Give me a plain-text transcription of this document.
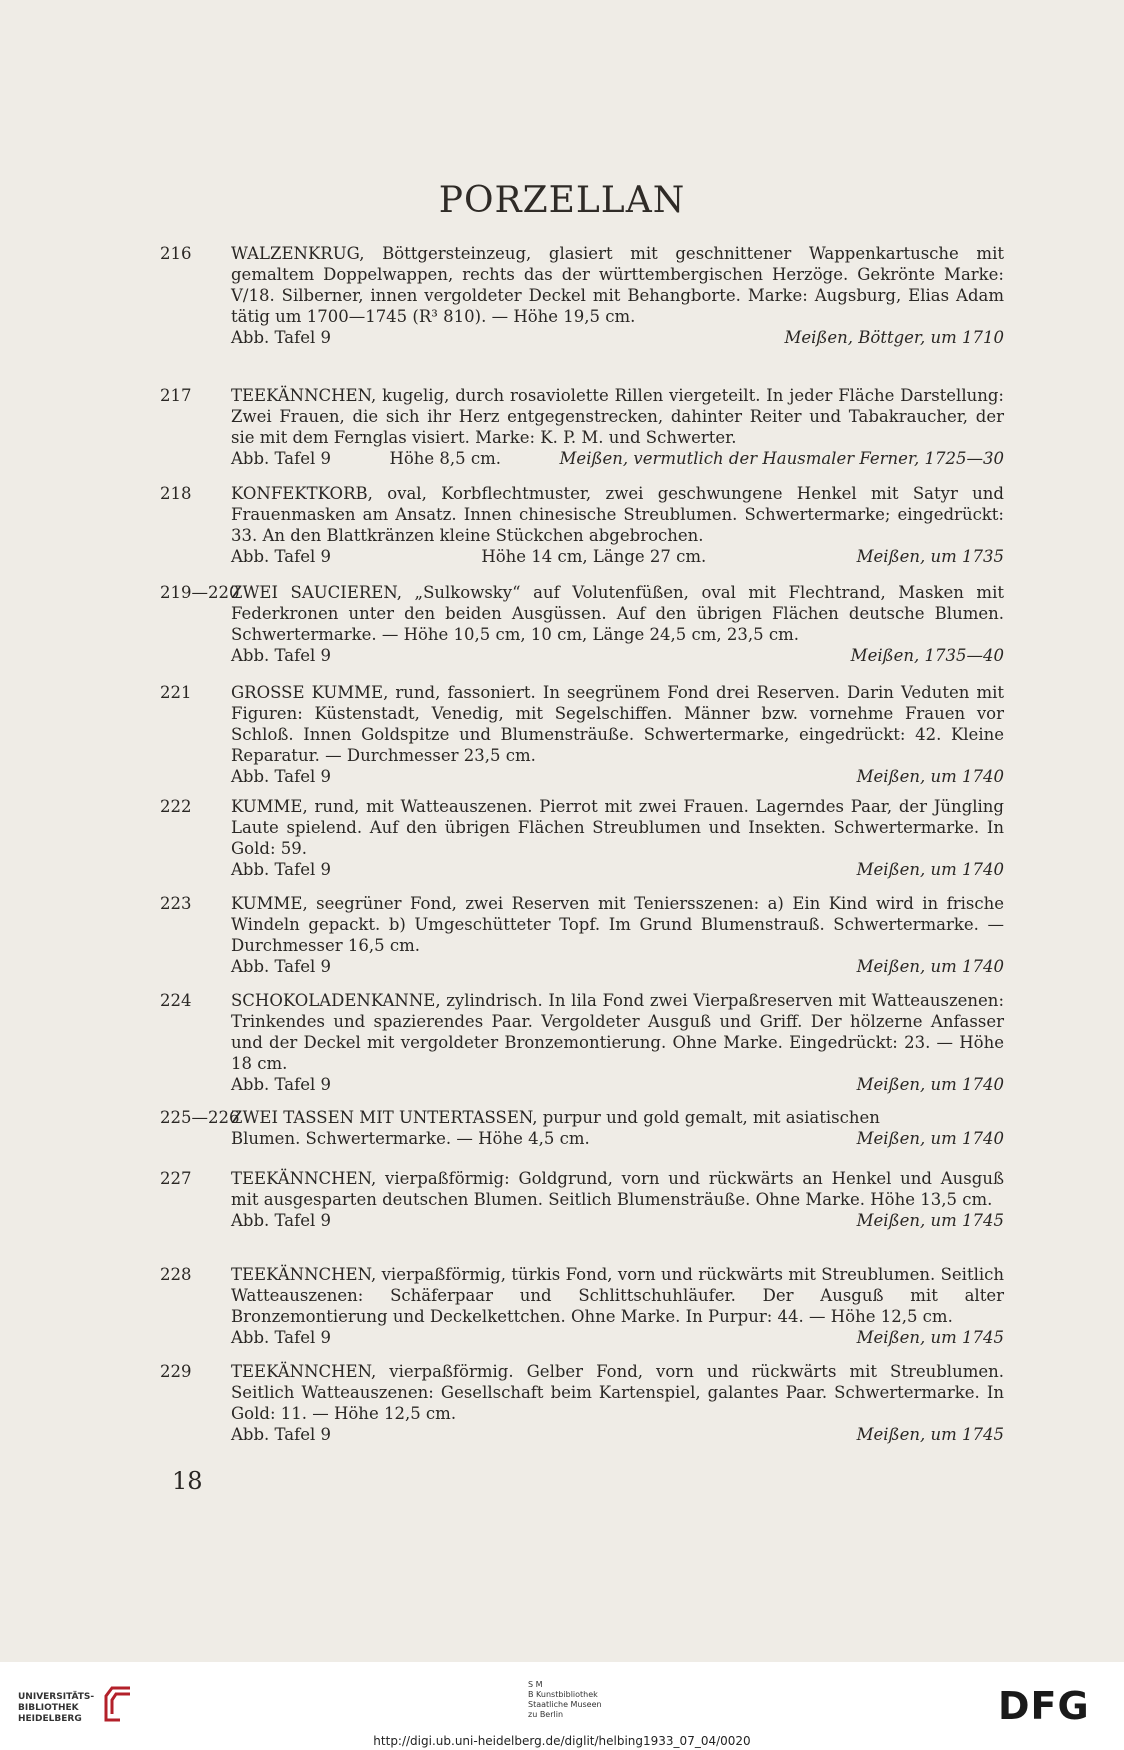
PORZELLAN
216	WALZENKRUG, Böttgersteinzeug, glasiert mit geschnittener Wappenkartusche mit gemaltem Doppelwappen, rechts das der württembergischen Herzöge. Gekrönte Marke: V/18. Silberner, innen vergoldeter Deckel mit Behangborte. Marke: Augsburg, Elias Adam tätig um 1700—1745 (R³ 810). — Höhe 19,5 cm.
Abb. Tafel 9	Meißen, Böttger, um 1710
217	TEEKÄNNCHEN, kugelig, durch rosaviolette Rillen viergeteilt. In jeder Fläche Darstellung: Zwei Frauen, die sich ihr Herz entgegenstrecken, dahinter Reiter und Tabakraucher, der sie mit dem Fernglas visiert. Marke: K. P. M. und Schwerter.
Abb. Tafel 9	Höhe 8,5 cm.	Meißen, vermutlich der Hausmaler Ferner, 1725—30
218	KONFEKTKORB, oval, Korbflechtmuster, zwei geschwungene Henkel mit Satyr und Frauenmasken am Ansatz. Innen chinesische Streublumen. Schwertermarke; eingedrückt: 33. An den Blattkränzen kleine Stückchen abgebrochen.
Abb. Tafel 9	Höhe 14 cm, Länge 27 cm.	Meißen, um 1735
219—220
ZWEI SAUCIEREN, „Sulkowsky“ auf Volutenfüßen, oval mit Flechtrand, Masken mit Federkronen unter den beiden Ausgüssen. Auf den übrigen Flächen deutsche Blumen. Schwertermarke. — Höhe 10,5 cm, 10 cm, Länge 24,5 cm, 23,5 cm.
Abb. Tafel 9	Meißen, 1735—40
221	GROSSE KUMME, rund, fassoniert. In seegrünem Fond drei Reserven. Darin Veduten mit Figuren: Küstenstadt, Venedig, mit Segelschiffen. Männer bzw. vornehme Frauen vor Schloß. Innen Goldspitze und Blumensträuße. Schwertermarke, eingedrückt: 42. Kleine Reparatur. — Durchmesser 23,5 cm.
Abb. Tafel 9	Meißen, um 1740
222	KUMME, rund, mit Watteauszenen. Pierrot mit zwei Frauen. Lagerndes Paar, der Jüngling Laute spielend. Auf den übrigen Flächen Streublumen und Insekten. Schwertermarke. In Gold: 59.
Abb. Tafel 9	Meißen, um 1740
223	KUMME, seegrüner Fond, zwei Reserven mit Teniersszenen: a) Ein Kind wird in frische Windeln gepackt. b) Umgeschütteter Topf. Im Grund Blumenstrauß. Schwertermarke. — Durchmesser 16,5 cm.
Abb. Tafel 9	Meißen, um 1740
224	SCHOKOLADENKANNE, zylindrisch. In lila Fond zwei Vierpaßreserven mit Watteauszenen: Trinkendes und spazierendes Paar. Vergoldeter Ausguß und Griff. Der hölzerne Anfasser und der Deckel mit vergoldeter Bronzemontierung. Ohne Marke. Eingedrückt: 23. — Höhe 18 cm.
Abb. Tafel 9	Meißen, um 1740
225—226
ZWEI TASSEN MIT UNTERTASSEN, purpur und gold gemalt, mit asiatischen
Blumen. Schwertermarke. — Höhe 4,5 cm.	Meißen, um 1740
227	TEEKÄNNCHEN, vierpaßförmig: Goldgrund, vorn und rückwärts an Henkel und Ausguß mit ausgesparten deutschen Blumen. Seitlich Blumensträuße. Ohne Marke. Höhe 13,5 cm.
Abb. Tafel 9	Meißen, um 1745
228	TEEKÄNNCHEN, vierpaßförmig, türkis Fond, vorn und rückwärts mit Streublumen. Seitlich Watteauszenen: Schäferpaar und Schlittschuhläufer. Der Ausguß mit alter Bronzemontierung und Deckelkettchen. Ohne Marke. In Purpur: 44. — Höhe 12,5 cm.
Abb. Tafel 9	Meißen, um 1745
229	TEEKÄNNCHEN, vierpaßförmig. Gelber Fond, vorn und rückwärts mit Streublumen. Seitlich Watteauszenen: Gesellschaft beim Kartenspiel, galantes Paar. Schwertermarke. In Gold: 11. — Höhe 12,5 cm.
Abb. Tafel 9	Meißen, um 1745
18
UNIVERSITÄTS-
BIBLIOTHEK
HEIDELBERG
S M
B Kunstbibliothek
Staatliche Museen
zu Berlin	DFG
http://digi.ub.uni-heidelberg.de/diglit/helbing1933_07_04/0020
